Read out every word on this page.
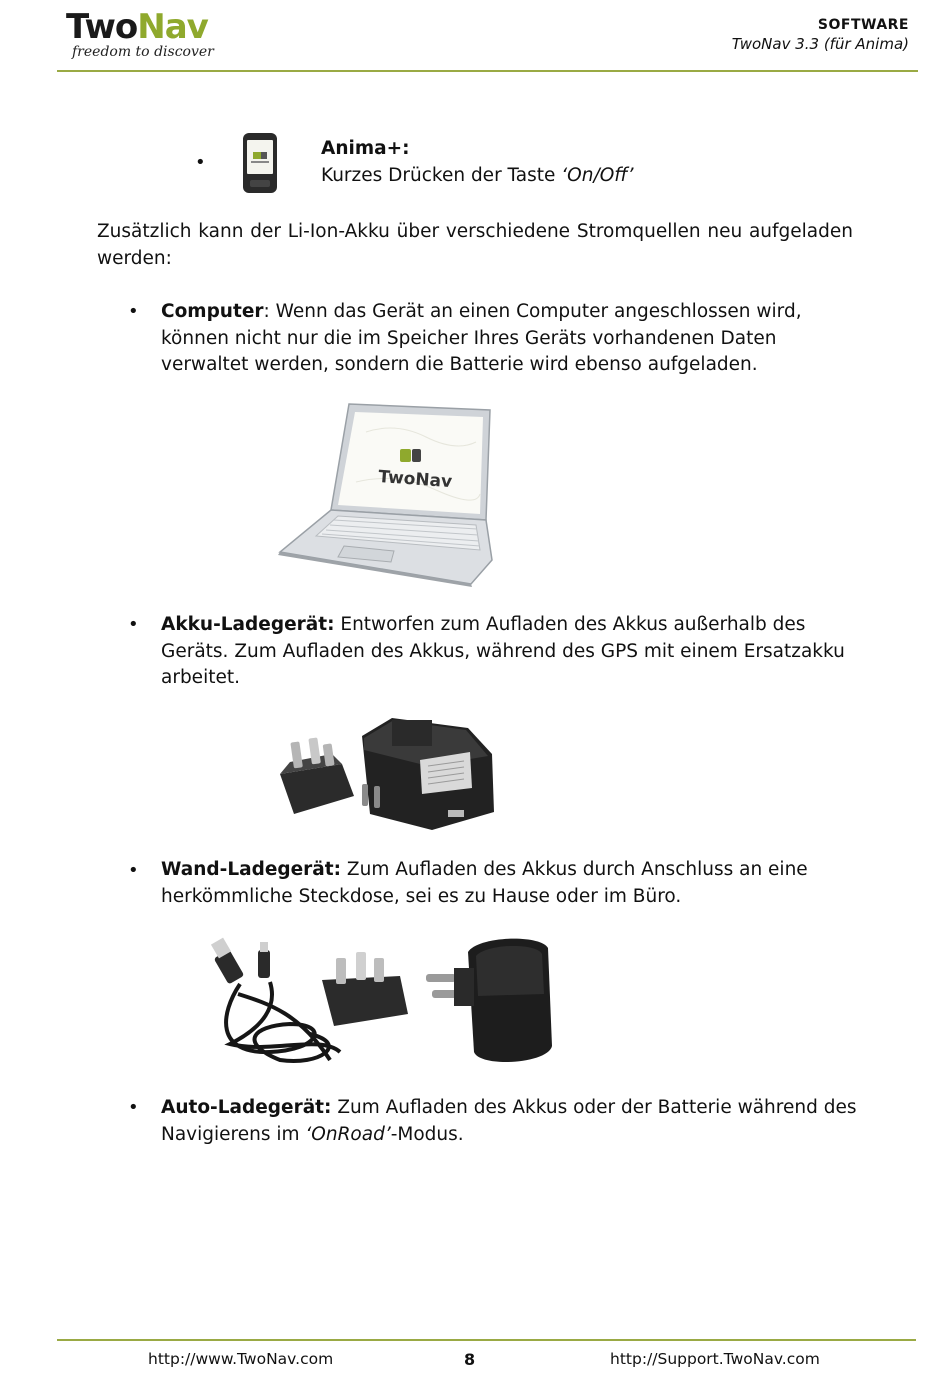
TwoNav
freedom to discover
SOFTWARE
TwoNav 3.3 (für Anima)
•
Anima+:
Kurzes Drücken der Taste ‘On/Off’
Zusätzlich kann der Li-Ion-Akku über verschiedene Stromquellen neu aufgeladen werden:
• Computer: Wenn das Gerät an einen Computer angeschlossen wird,
können nicht nur die im Speicher Ihres Geräts vorhandenen Daten
verwaltet werden, sondern die Batterie wird ebenso aufgeladen.
TwoNav
• Akku-Ladegerät: Entworfen zum Aufladen des Akkus außerhalb des
Geräts. Zum Aufladen des Akkus, während des GPS mit einem Ersatzakku
arbeitet.
• Wand-Ladegerät: Zum Aufladen des Akkus durch Anschluss an eine
herkömmliche Steckdose, sei es zu Hause oder im Büro.
• Auto-Ladegerät: Zum Aufladen des Akkus oder der Batterie während des
Navigierens im ‘OnRoad’-Modus.
http://www.TwoNav.com	8	http://Support.TwoNav.com
